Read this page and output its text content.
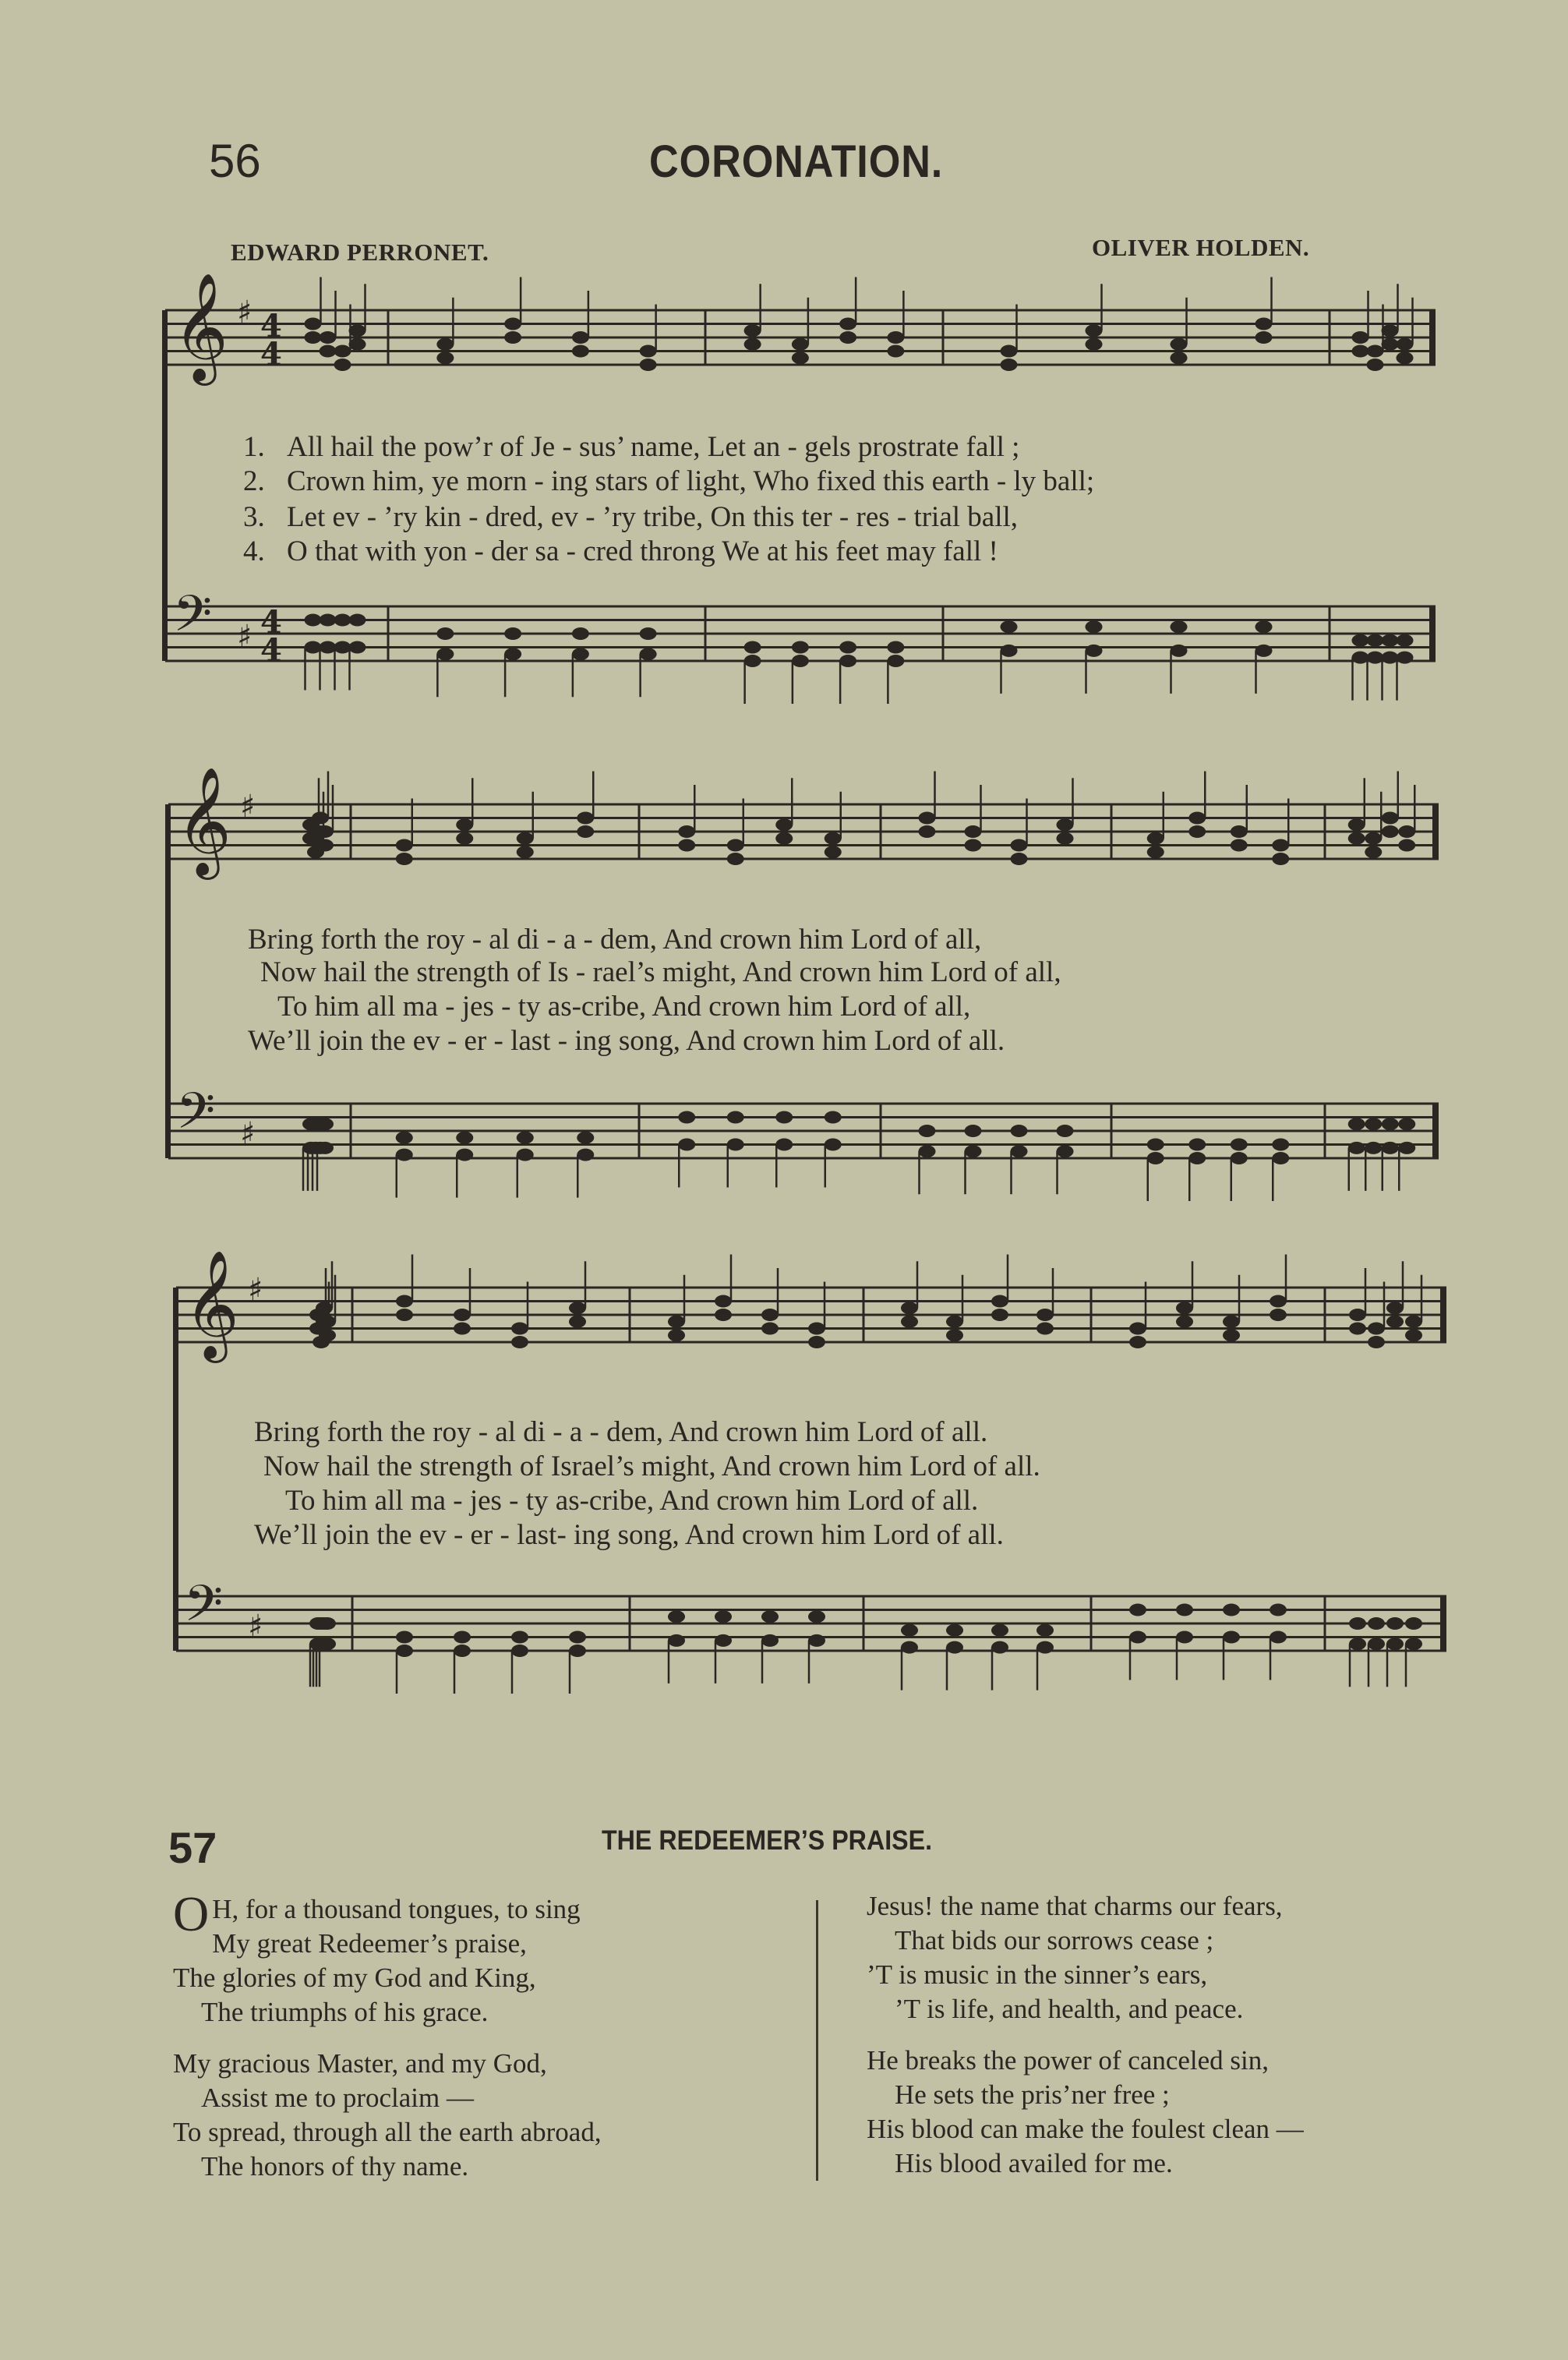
56	CORONATION.
EDWARD PERRONET.	OLIVER HOLDEN.
𝄞 ♯ 4
4
𝄢 ♯ 4
4
𝄞 ♯
𝄢 ♯
𝄞 ♯
𝄢 ♯
1. All hail the pow’r of Je - sus’ name, Let an - gels prostrate fall ;
2. Crown him, ye morn - ing stars of light, Who fixed this earth - ly ball;
3. Let ev - ’ry kin - dred, ev - ’ry tribe, On this ter - res - trial ball,
4. O that with yon - der sa - cred throng We at his feet may fall !
Bring forth the roy - al di - a - dem, And crown him Lord of all,
Now hail the strength of Is - rael’s might, And crown him Lord of all,
To him all ma - jes - ty as-cribe, And crown him Lord of all,
We’ll join the ev - er - last - ing song, And crown him Lord of all.
Bring forth the roy - al di - a - dem, And crown him Lord of all.
Now hail the strength of Israel’s might, And crown him Lord of all.
To him all ma - jes - ty as-cribe, And crown him Lord of all.
We’ll join the ev - er - last- ing song, And crown him Lord of all.
57	THE REDEEMER’S PRAISE.
O H, for a thousand tongues, to sing
My great Redeemer’s praise,
The glories of my God and King,
The triumphs of his grace.
My gracious Master, and my God,
Assist me to proclaim —
To spread, through all the earth abroad,
The honors of thy name.
Jesus! the name that charms our fears,
That bids our sorrows cease ;
’T is music in the sinner’s ears,
’T is life, and health, and peace.
He breaks the power of canceled sin,
He sets the pris’ner free ;
His blood can make the foulest clean —
His blood availed for me.
